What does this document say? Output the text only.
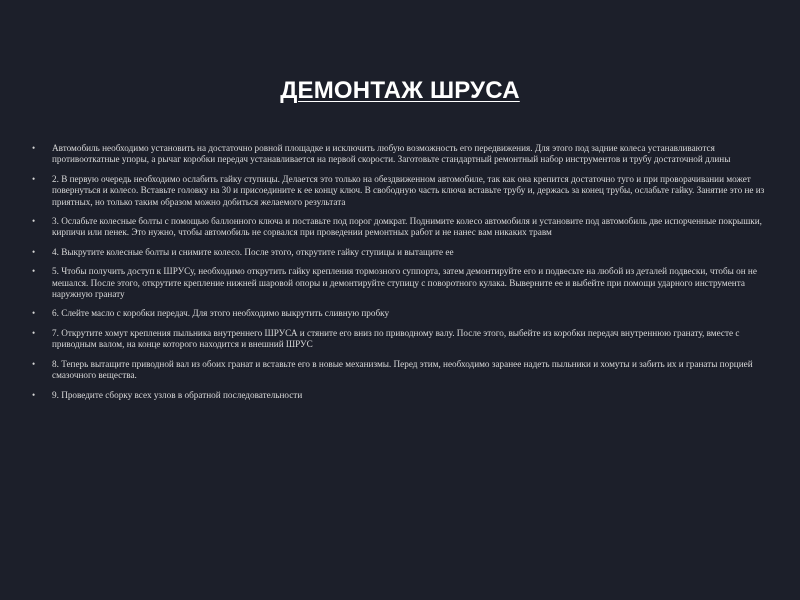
ДЕМОНТАЖ ШРУСА
• Автомобиль необходимо установить на достаточно ровной площадке и исключить любую возможность его передвижения. Для этого под задние колеса устанавливаются противооткатные упоры, а рычаг коробки передач устанавливается на первой скорости. Заготовьте стандартный ремонтный набор инструментов и трубу достаточной длины
• 2. В первую очередь необходимо ослабить гайку ступицы. Делается это только на обездвиженном автомобиле, так как она крепится достаточно туго и при проворачивании может повернуться и колесо. Вставьте головку на 30 и присоедините к ее концу ключ. В свободную часть ключа вставьте трубу и, держась за конец трубы, ослабьте гайку. Занятие это не из приятных, но только таким образом можно добиться желаемого результата
• 3. Ослабьте колесные болты с помощью баллонного ключа и поставьте под порог домкрат. Поднимите колесо автомобиля и установите под автомобиль две испорченные покрышки, кирпичи или пенек. Это нужно, чтобы автомобиль не сорвался при проведении ремонтных работ и не нанес вам никаких травм
• 4. Выкрутите колесные болты и снимите колесо. После этого, открутите гайку ступицы и вытащите ее
• 5. Чтобы получить доступ к ШРУСу, необходимо открутить гайку крепления тормозного суппорта, затем демонтируйте его и подвесьте на любой из деталей подвески, чтобы он не мешался. После этого, открутите крепление нижней шаровой опоры и демонтируйте ступицу с поворотного кулака. Выверните ее и выбейте при помощи ударного инструмента наружную гранату
• 6. Слейте масло с коробки передач. Для этого необходимо выкрутить сливную пробку
• 7. Открутите хомут крепления пыльника внутреннего ШРУСА и стяните его вниз по приводному валу. После этого, выбейте из коробки передач внутреннюю гранату, вместе с приводным валом, на конце которого находится и внешний ШРУС
• 8. Теперь вытащите приводной вал из обоих гранат и вставьте его в новые механизмы. Перед этим, необходимо заранее надеть пыльники и хомуты и забить их и гранаты порцией смазочного вещества.
• 9. Проведите сборку всех узлов в обратной последовательности
